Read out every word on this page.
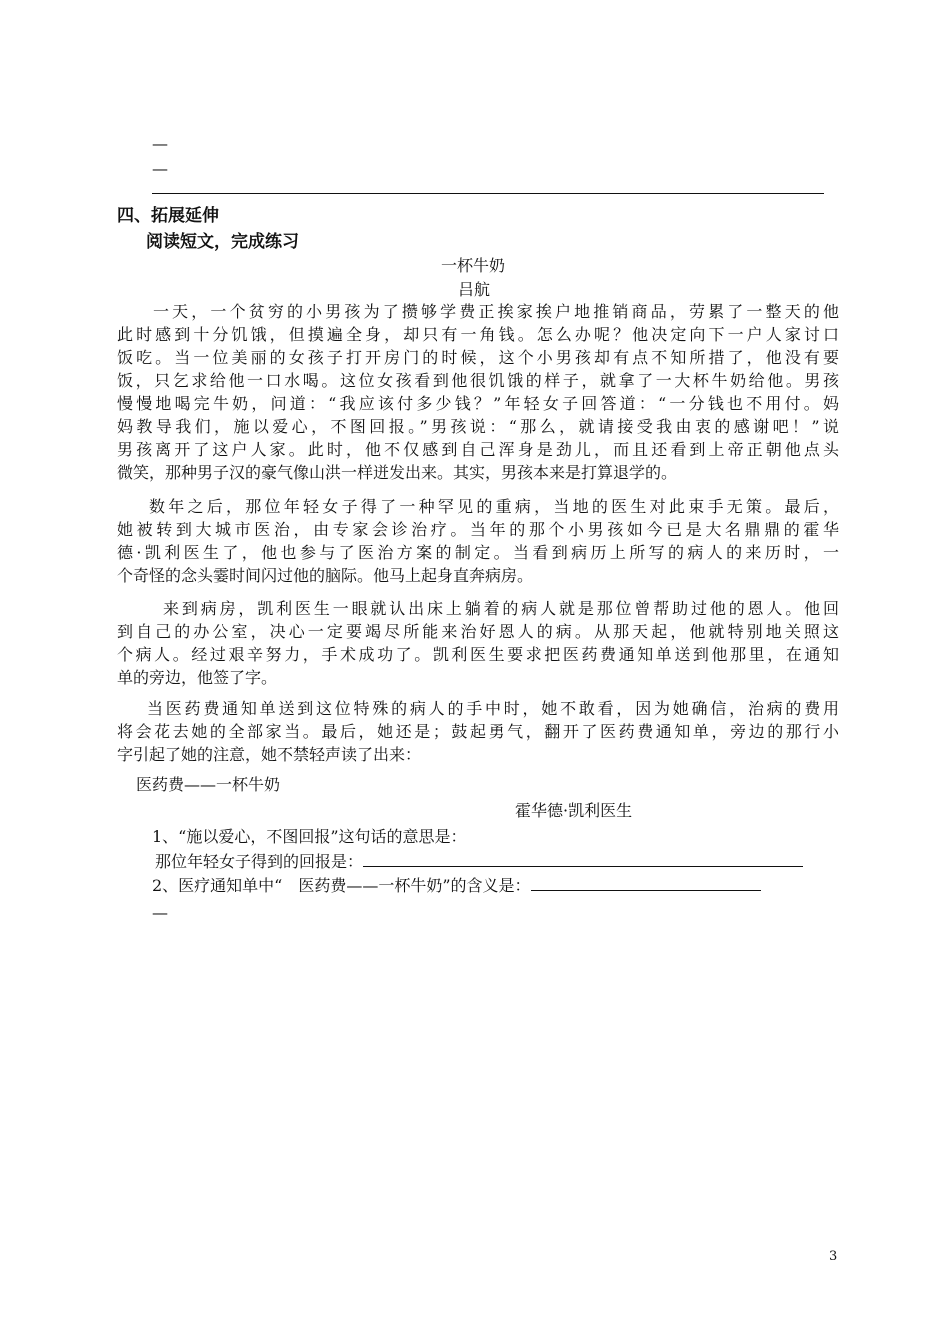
—
—
四、拓展延伸
阅读短文，完成练习
一杯牛奶
吕航
一天，一个贫穷的小男孩为了攒够学费正挨家挨户地推销商品，劳累了一整天的他
此时感到十分饥饿，但摸遍全身，却只有一角钱。怎么办呢？他决定向下一户人家讨口
饭吃。当一位美丽的女孩子打开房门的时候，这个小男孩却有点不知所措了，他没有要
饭，只乞求给他一口水喝。这位女孩看到他很饥饿的样子，就拿了一大杯牛奶给他。男孩
慢慢地喝完牛奶，问道：“我应该付多少钱？”年轻女子回答道：“一分钱也不用付。妈
妈教导我们，施以爱心，不图回报。”男孩说：“那么，就请接受我由衷的感谢吧！”说
男孩离开了这户人家。此时，他不仅感到自己浑身是劲儿，而且还看到上帝正朝他点头
微笑，那种男子汉的豪气像山洪一样迸发出来。其实，男孩本来是打算退学的。
数年之后，那位年轻女子得了一种罕见的重病，当地的医生对此束手无策。最后，
她被转到大城市医治，由专家会诊治疗。当年的那个小男孩如今已是大名鼎鼎的霍华
德·凯利医生了，他也参与了医治方案的制定。当看到病历上所写的病人的来历时，一
个奇怪的念头霎时间闪过他的脑际。他马上起身直奔病房。
来到病房，凯利医生一眼就认出床上躺着的病人就是那位曾帮助过他的恩人。他回
到自己的办公室，决心一定要竭尽所能来治好恩人的病。从那天起，他就特别地关照这
个病人。经过艰辛努力，手术成功了。凯利医生要求把医药费通知单送到他那里，在通知
单的旁边，他签了字。
当医药费通知单送到这位特殊的病人的手中时，她不敢看，因为她确信，治病的费用
将会花去她的全部家当。最后，她还是；鼓起勇气，翻开了医药费通知单，旁边的那行小
字引起了她的注意，她不禁轻声读了出来：
医药费——一杯牛奶
霍华德·凯利医生
1、“施以爱心，不图回报”这句话的意思是：
那位年轻女子得到的回报是：
2、医疗通知单中“　医药费——一杯牛奶”的含义是：
—
3
